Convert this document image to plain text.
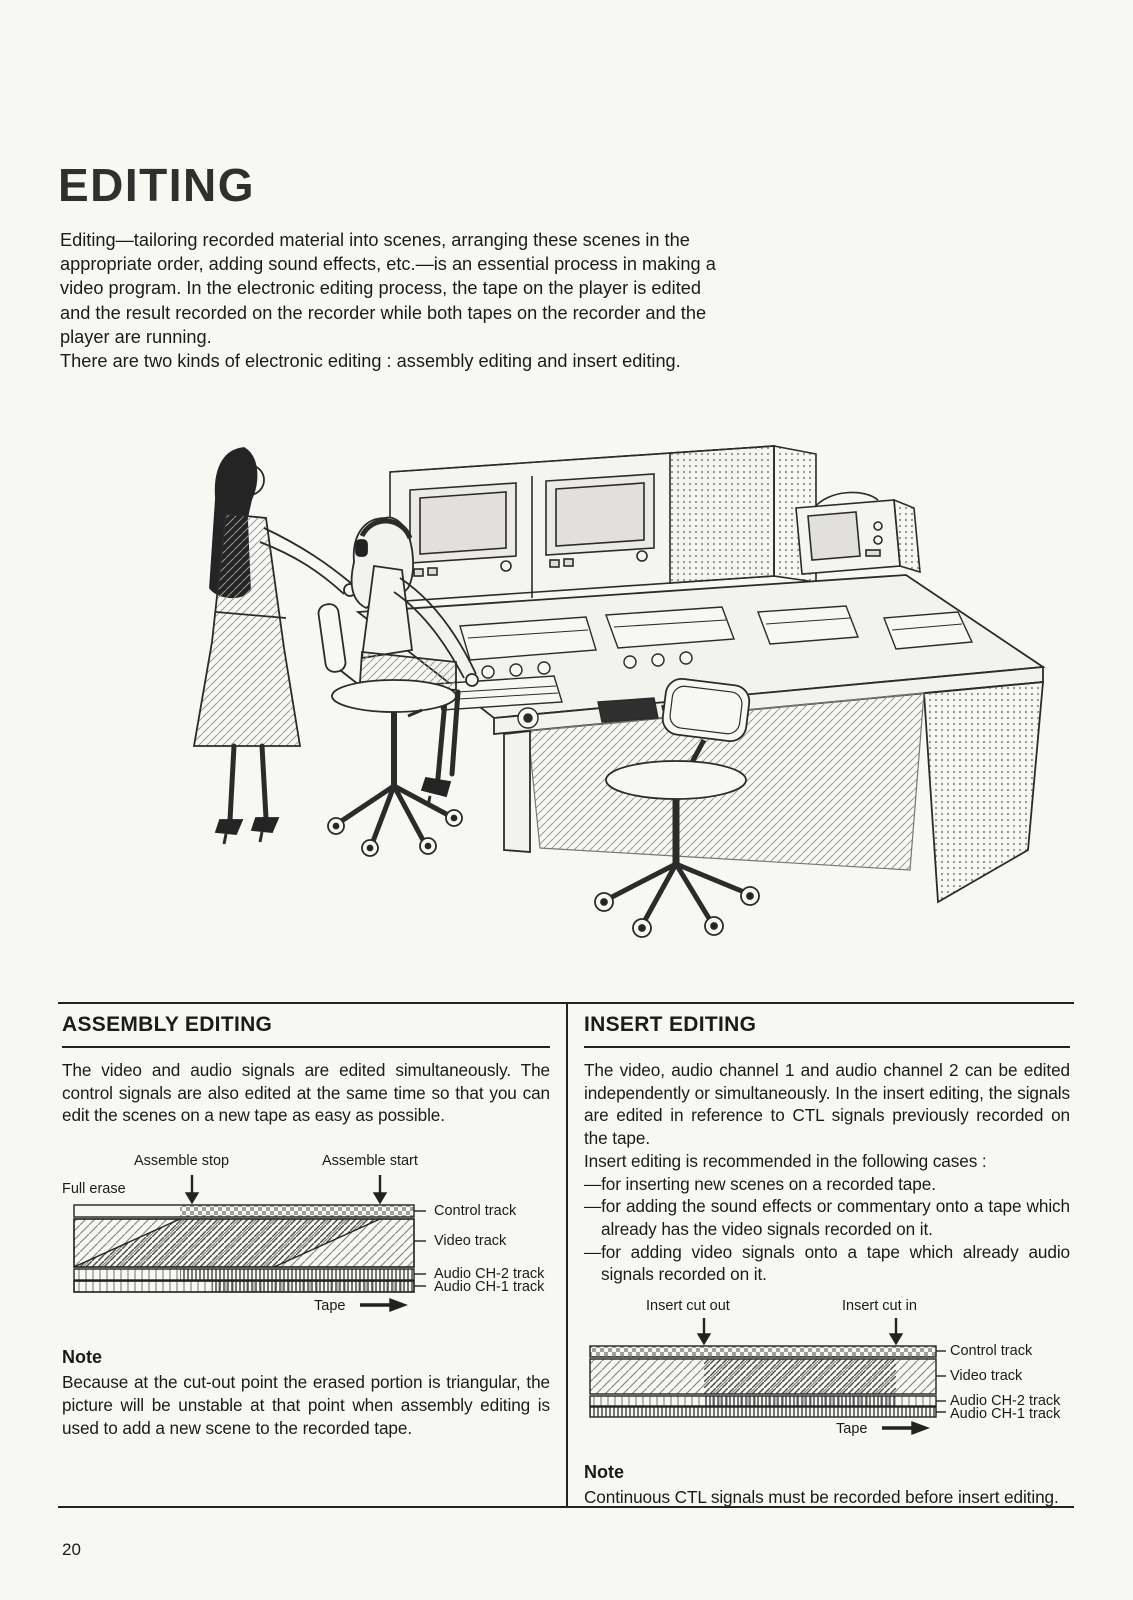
EDITING

Editing—tailoring recorded material into scenes, arranging these scenes in the appropriate order, adding sound effects, etc.—is an essential process in making a video program. In the electronic editing process, the tape on the player is edited and the result recorded on the recorder while both tapes on the recorder and the player are running.

There are two kinds of electronic editing : assembly editing and insert editing.

ASSEMBLY EDITING

The video and audio signals are edited simultaneously. The control signals are also edited at the same time so that you can edit the scenes on a new tape as easy as possible.

Assemble stop	Assemble start
Full erase
Control track
Video track
Audio CH-2 track
Audio CH-1 track
Tape
Note

Because at the cut-out point the erased portion is triangular, the picture will be unstable at that point when assembly editing is used to add a new scene to the recorded tape.

INSERT EDITING

The video, audio channel 1 and audio channel 2 can be edited independently or simultaneously. In the insert editing, the signals are edited in reference to CTL signals previously recorded on the tape.

Insert editing is recommended in the following cases :

—for inserting new scenes on a recorded tape.

—for adding the sound effects or commentary onto a tape which already has the video signals recorded on it.

—for adding video signals onto a tape which already audio signals recorded on it.

Insert cut out	Insert cut in
Control track
Video track
Audio CH-2 track
Audio CH-1 track
Tape
Note

Continuous CTL signals must be recorded before insert editing.

20
